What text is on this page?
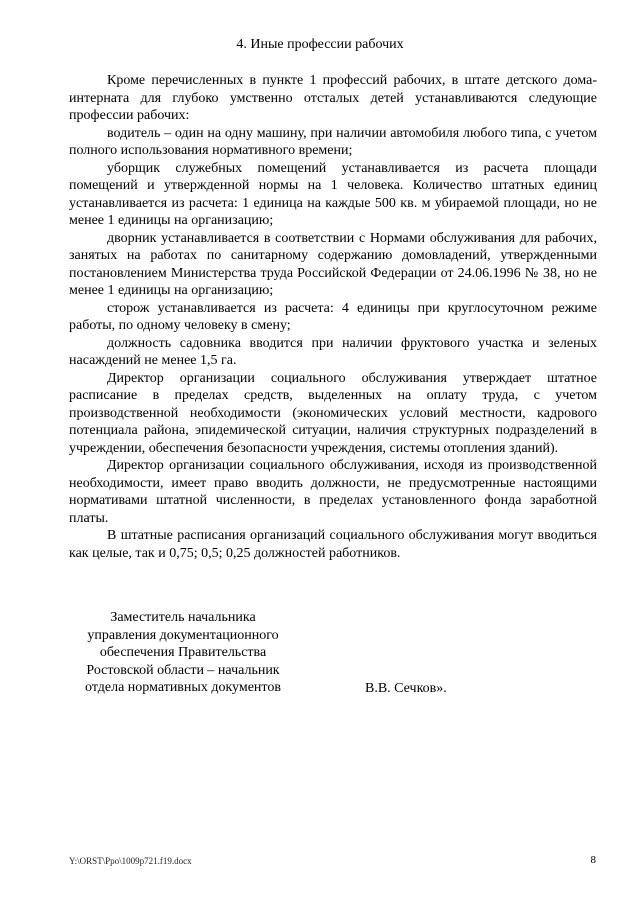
4. Иные профессии рабочих

Кроме перечисленных в пункте 1 профессий рабочих, в штате детского дома-интерната для глубоко умственно отсталых детей устанавливаются следующие профессии рабочих:

водитель – один на одну машину, при наличии автомобиля любого типа, с учетом полного использования нормативного времени;

уборщик служебных помещений устанавливается из расчета площади помещений и утвержденной нормы на 1 человека. Количество штатных единиц устанавливается из расчета: 1 единица на каждые 500 кв. м убираемой площади, но не менее 1 единицы на организацию;

дворник устанавливается в соответствии с Нормами обслуживания для рабочих, занятых на работах по санитарному содержанию домовладений, утвержденными постановлением Министерства труда Российской Федерации от 24.06.1996 № 38, но не менее 1 единицы на организацию;

сторож устанавливается из расчета: 4 единицы при круглосуточном режиме работы, по одному человеку в смену;

должность садовника вводится при наличии фруктового участка и зеленых насаждений не менее 1,5 га.

Директор организации социального обслуживания утверждает штатное расписание в пределах средств, выделенных на оплату труда, с учетом производственной необходимости (экономических условий местности, кадрового потенциала района, эпидемической ситуации, наличия структурных подразделений в учреждении, обеспечения безопасности учреждения, системы отопления зданий).

Директор организации социального обслуживания, исходя из производственной необходимости, имеет право вводить должности, не предусмотренные настоящими нормативами штатной численности, в пределах установленного фонда заработной платы.

В штатные расписания организаций социального обслуживания могут вводиться как целые, так и 0,75; 0,5; 0,25 должностей работников.

Заместитель начальника
управления документационного
обеспечения Правительства
Ростовской области – начальник
отдела нормативных документов	В.В. Сечков».
Y:\ORST\Ppo\1009p721.f19.docx	8
